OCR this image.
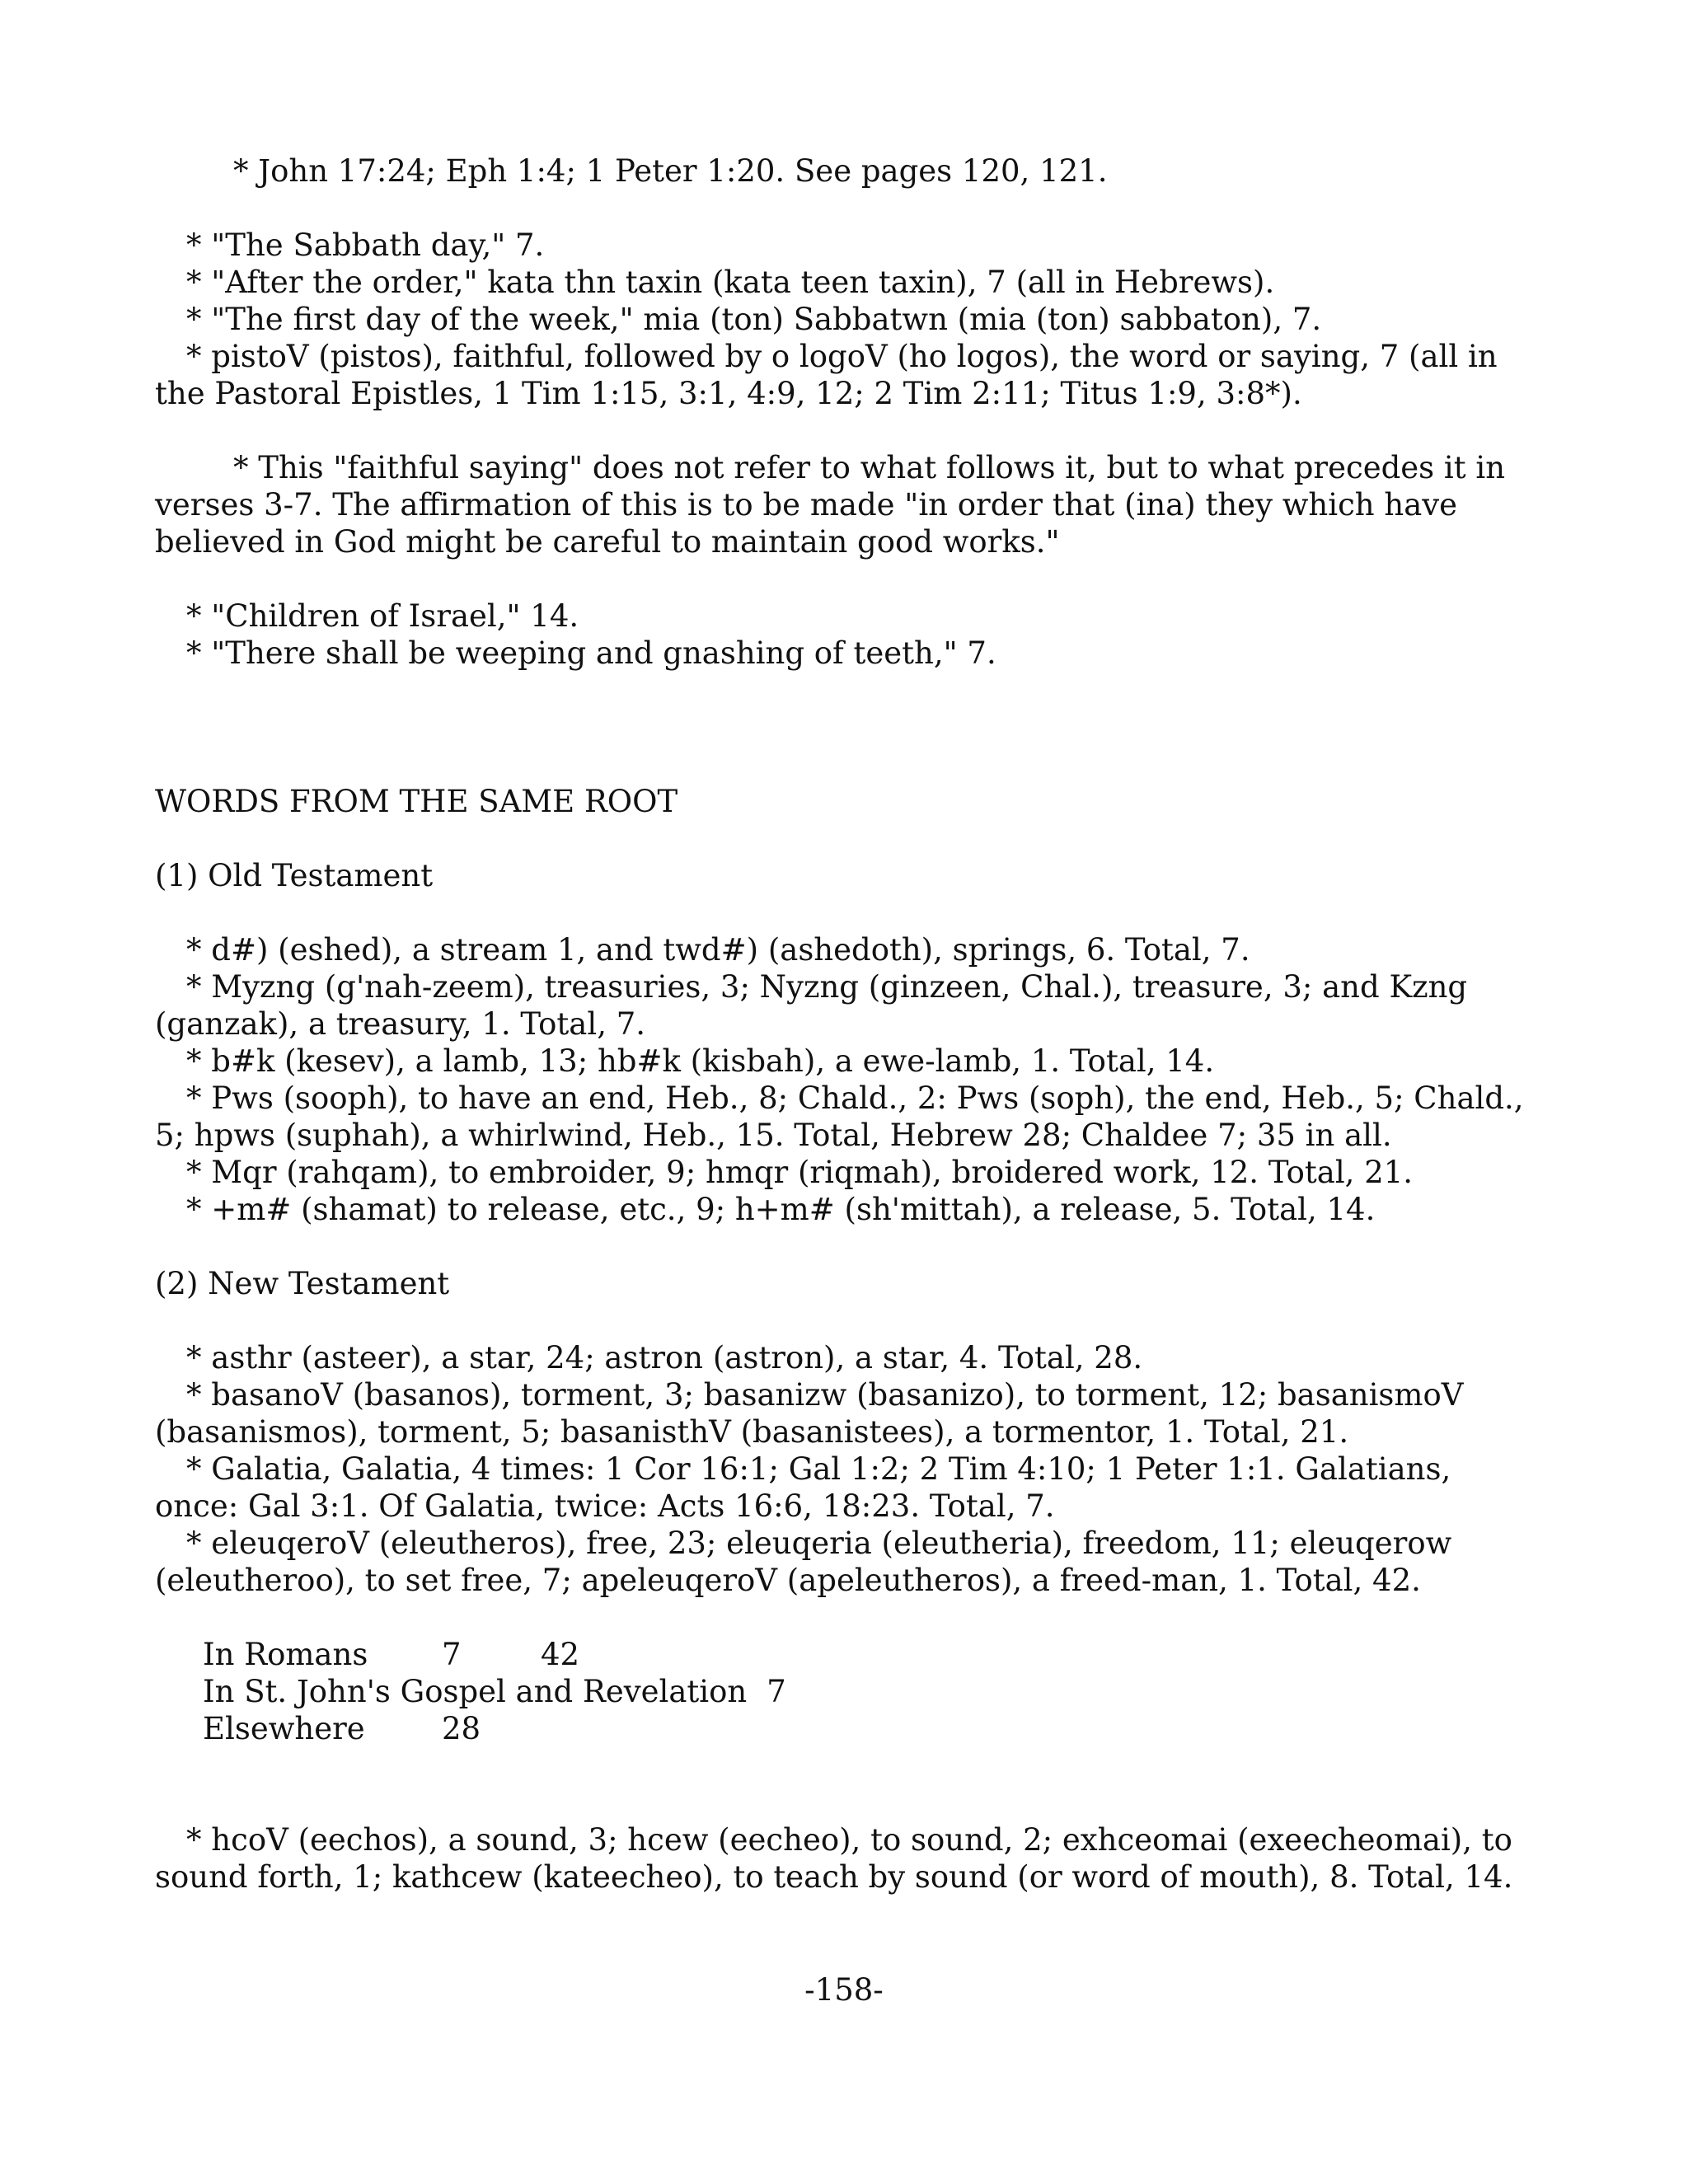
* John 17:24; Eph 1:4; 1 Peter 1:20. See pages 120, 121.

* "The Sabbath day," 7.

* "After the order," kata thn taxin (kata teen taxin), 7 (all in Hebrews).

* "The first day of the week," mia (ton) Sabbatwn (mia (ton) sabbaton), 7.

* pistoV (pistos), faithful, followed by o logoV (ho logos), the word or saying, 7 (all in the Pastoral Epistles, 1 Tim 1:15, 3:1, 4:9, 12; 2 Tim 2:11; Titus 1:9, 3:8*).

* This "faithful saying" does not refer to what follows it, but to what precedes it in verses 3-7. The affirmation of this is to be made "in order that (ina) they which have believed in God might be careful to maintain good works."

* "Children of Israel," 14.

* "There shall be weeping and gnashing of teeth," 7.

WORDS FROM THE SAME ROOT

(1) Old Testament

* d#) (eshed), a stream 1, and twd#) (ashedoth), springs, 6. Total, 7.

* Myzng (g'nah-zeem), treasuries, 3; Nyzng (ginzeen, Chal.), treasure, 3; and Kzng (ganzak), a treasury, 1. Total, 7.

* b#k (kesev), a lamb, 13; hb#k (kisbah), a ewe-lamb, 1. Total, 14.

* Pws (sooph), to have an end, Heb., 8; Chald., 2: Pws (soph), the end, Heb., 5; Chald., 5; hpws (suphah), a whirlwind, Heb., 15. Total, Hebrew 28; Chaldee 7; 35 in all.

* Mqr (rahqam), to embroider, 9; hmqr (riqmah), broidered work, 12. Total, 21.

* +m# (shamat) to release, etc., 9; h+m# (sh'mittah), a release, 5. Total, 14.

(2) New Testament

* asthr (asteer), a star, 24; astron (astron), a star, 4. Total, 28.

* basanoV (basanos), torment, 3; basanizw (basanizo), to torment, 12; basanismoV (basanismos), torment, 5; basanisthV (basanistees), a tormentor, 1. Total, 21.

* Galatia, Galatia, 4 times: 1 Cor 16:1; Gal 1:2; 2 Tim 4:10; 1 Peter 1:1. Galatians, once: Gal 3:1. Of Galatia, twice: Acts 16:6, 18:23. Total, 7.

* eleuqeroV (eleutheros), free, 23; eleuqeria (eleutheria), freedom, 11; eleuqerow (eleutheroo), to set free, 7; apeleuqeroV (apeleutheros), a freed-man, 1. Total, 42.

In Romans	7	42
In St. John's Gospel and Revelation 7
Elsewhere	28

* hcoV (eechos), a sound, 3; hcew (eecheo), to sound, 2; exhceomai (exeecheomai), to sound forth, 1; kathcew (kateecheo), to teach by sound (or word of mouth), 8. Total, 14.

-158-
